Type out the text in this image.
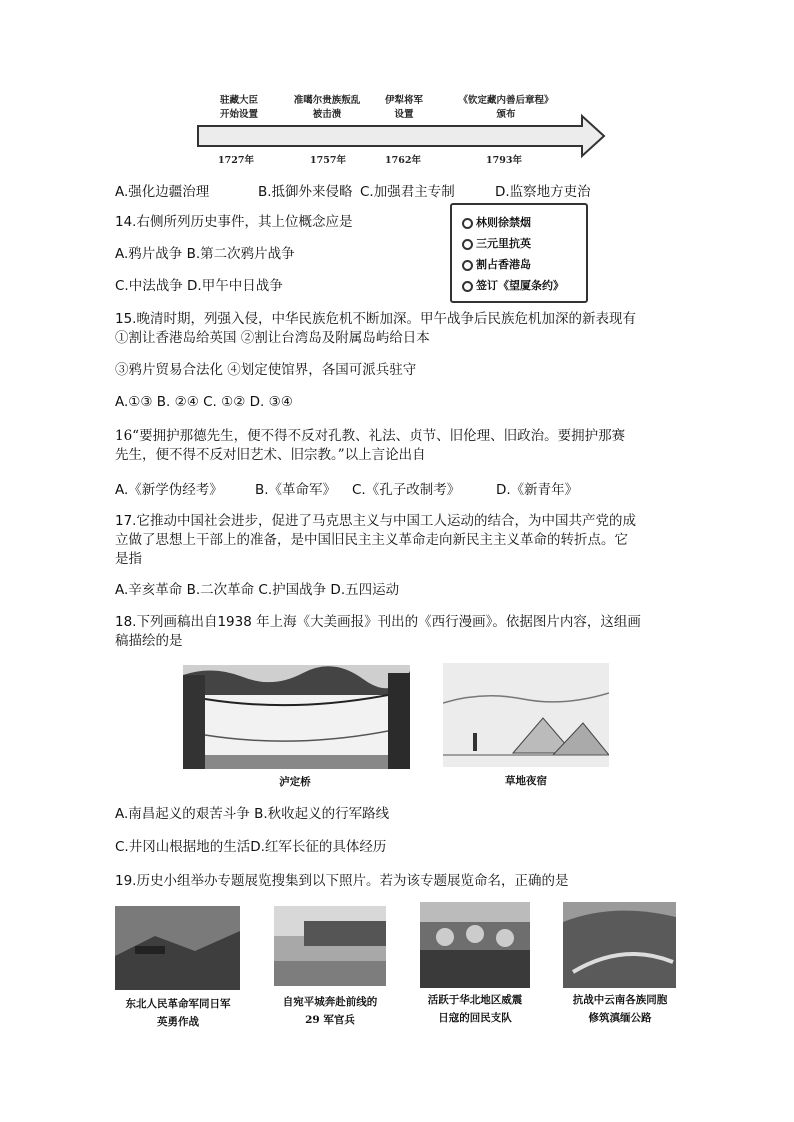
驻藏大臣
开始设置
准噶尔贵族叛乱
被击溃
伊犁将军
设置
《钦定藏内善后章程》
颁布
1727年	1757年	1762年	1793年
A.强化边疆治理	B.抵御外来侵略 C.加强君主专制	D.监察地方吏治
14.右侧所列历史事件，其上位概念应是
A.鸦片战争 B.第二次鸦片战争
C.中法战争 D.甲午中日战争
林则徐禁烟
三元里抗英
割占香港岛
签订《望厦条约》
15.晚清时期，列强入侵，中华民族危机不断加深。甲午战争后民族危机加深的新表现有
①割让香港岛给英国 ②割让台湾岛及附属岛屿给日本
③鸦片贸易合法化 ④划定使馆界，各国可派兵驻守
A.①③ B. ②④ C. ①② D. ③④
16“要拥护那德先生，便不得不反对孔教、礼法、贞节、旧伦理、旧政治。要拥护那赛
先生，便不得不反对旧艺术、旧宗教。”以上言论出自
A.《新学伪经考》 B.《革命军》 C.《孔子改制考》	D.《新青年》
17.它推动中国社会进步，促进了马克思主义与中国工人运动的结合，为中国共产党的成
立做了思想上干部上的准备，是中国旧民主主义革命走向新民主主义革命的转折点。它
是指
A.辛亥革命 B.二次革命 C.护国战争 D.五四运动
18.下列画稿出自1938 年上海《大美画报》刊出的《西行漫画》。依据图片内容，这组画
稿描绘的是
泸定桥	草地夜宿
A.南昌起义的艰苦斗争 B.秋收起义的行军路线
C.井冈山根据地的生活D.红军长征的具体经历
19.历史小组举办专题展览搜集到以下照片。若为该专题展览命名，正确的是
东北人民革命军同日军
英勇作战
自宛平城奔赴前线的
29 军官兵
活跃于华北地区威震
日寇的回民支队
抗战中云南各族同胞
修筑滇缅公路
